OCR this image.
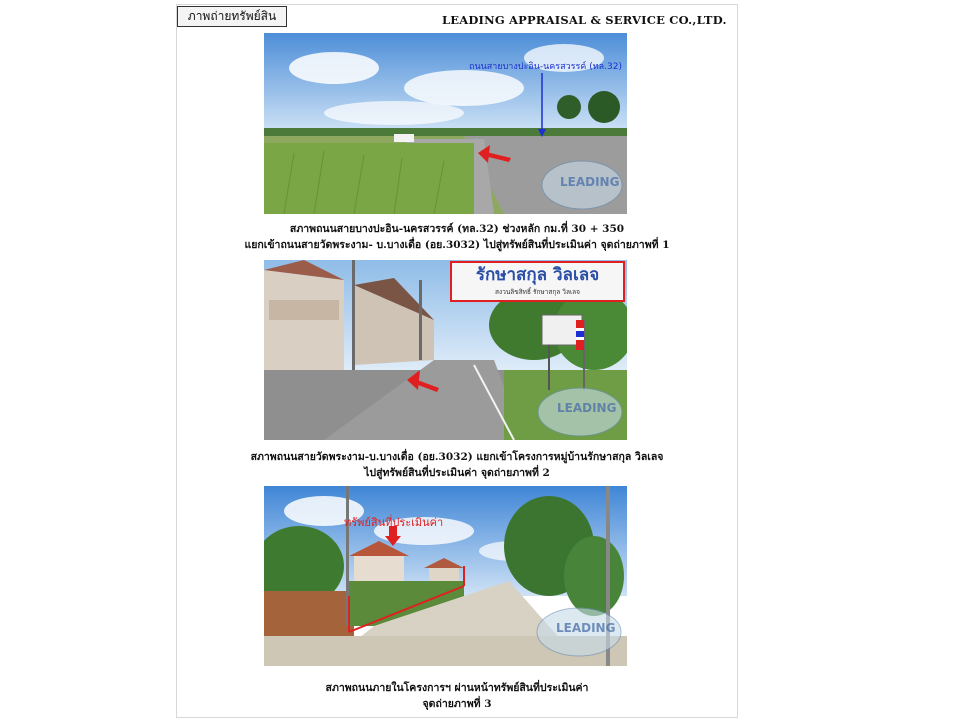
ภาพถ่ายทรัพย์สิน	LEADING APPRAISAL & SERVICE CO.,LTD.
ถนนสายบางปะอิน-นครสวรรค์ (ทล.32)
LEADING
สภาพถนนสายบางปะอิน-นครสวรรค์ (ทล.32) ช่วงหลัก กม.ที่ 30 + 350
แยกเข้าถนนสายวัดพระงาม- บ.บางเดื่อ (อย.3032) ไปสู่ทรัพย์สินที่ประเมินค่า จุดถ่ายภาพที่ 1
รักษาสกุล วิลเลจ
สงวนลิขสิทธิ์ รักษาสกุล วิลเลจ
LEADING
สภาพถนนสายวัดพระงาม-บ.บางเดื่อ (อย.3032) แยกเข้าโครงการหมู่บ้านรักษาสกุล วิลเลจ
ไปสู่ทรัพย์สินที่ประเมินค่า จุดถ่ายภาพที่ 2
ทรัพย์สินที่ประเมินค่า
LEADING
สภาพถนนภายในโครงการฯ ผ่านหน้าทรัพย์สินที่ประเมินค่า
จุดถ่ายภาพที่ 3
